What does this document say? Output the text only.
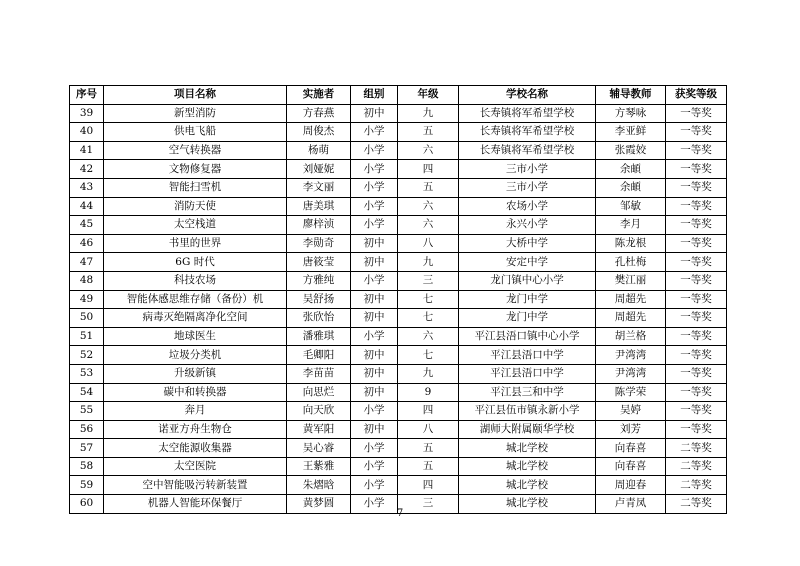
序号	项目名称	实施者	组别	年级	学校名称	辅导教师	获奖等级
39	新型消防	方春燕	初中	九	长寿镇将军希望学校	方琴咏	一等奖
40	供电飞船	周俊杰	小学	五	长寿镇将军希望学校	李亚鲜	一等奖
41	空气转换器	杨萌	小学	六	长寿镇将军希望学校	张霞姣	一等奖
42	文物修复器	刘娅妮	小学	四	三市小学	余頔	一等奖
43	智能扫雪机	李文丽	小学	五	三市小学	余頔	一等奖
44	消防天使	唐美琪	小学	六	农场小学	邹敏	一等奖
45	太空栈道	廖梓浈	小学	六	永兴小学	李月	一等奖
46	书里的世界	李勋奇	初中	八	大桥中学	陈龙根	一等奖
47	6G 时代	唐筱莹	初中	九	安定中学	孔杜梅	一等奖
48	科技农场	方雅纯	小学	三	龙门镇中心小学	樊江丽	一等奖
49	智能体感思维存储（备份）机	吴舒扬	初中	七	龙门中学	周超先	一等奖
50	病毒灭绝隔离净化空间	张欣怡	初中	七	龙门中学	周超先	一等奖
51	地球医生	潘雅琪	小学	六	平江县浯口镇中心小学	胡兰格	一等奖
52	垃圾分类机	毛卿阳	初中	七	平江县浯口中学	尹湾湾	一等奖
53	升级新镇	李苗苗	初中	九	平江县浯口中学	尹湾湾	一等奖
54	碳中和转换器	向思烂	初中	9	平江县三和中学	陈学荣	一等奖
55	奔月	向天欣	小学	四	平江县伍市镇永新小学	吴婷	一等奖
56	诺亚方舟生物仓	黄军阳	初中	八	湖师大附属颐华学校	刘芳	一等奖
57	太空能源收集器	吴心睿	小学	五	城北学校	向春喜	二等奖
58	太空医院	王紫雅	小学	五	城北学校	向春喜	二等奖
59	空中智能吸污转新装置	朱熠晗	小学	四	城北学校	周迎春	二等奖
60	机器人智能环保餐厅	黄梦圆	小学	三	城北学校	卢青凤	二等奖
7
